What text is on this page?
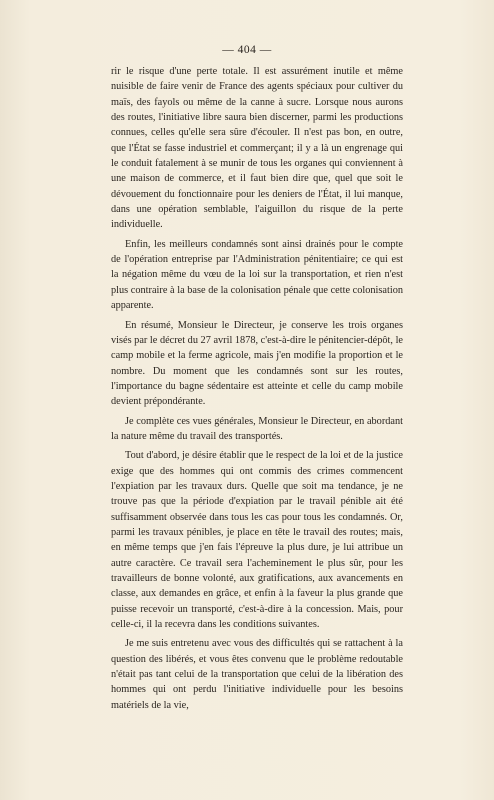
— 404 —

rir le risque d'une perte totale. Il est assurément inutile et même nuisible de faire venir de France des agents spéciaux pour cultiver du maïs, des fayols ou même de la canne à sucre. Lorsque nous aurons des routes, l'initiative libre saura bien discerner, parmi les productions connues, celles qu'elle sera sûre d'écouler. Il n'est pas bon, en outre, que l'État se fasse industriel et commerçant; il y a là un engrenage qui le conduit fatalement à se munir de tous les organes qui conviennent à une maison de commerce, et il faut bien dire que, quel que soit le dévouement du fonctionnaire pour les deniers de l'État, il lui manque, dans une opération semblable, l'aiguillon du risque de la perte individuelle.

Enfin, les meilleurs condamnés sont ainsi drainés pour le compte de l'opération entreprise par l'Administration pénitentiaire; ce qui est la négation même du vœu de la loi sur la transportation, et rien n'est plus contraire à la base de la colonisation pénale que cette colonisation apparente.

En résumé, Monsieur le Directeur, je conserve les trois organes visés par le décret du 27 avril 1878, c'est-à-dire le pénitencier-dépôt, le camp mobile et la ferme agricole, mais j'en modifie la proportion et le nombre. Du moment que les condamnés sont sur les routes, l'importance du bagne sédentaire est atteinte et celle du camp mobile devient prépondérante.

Je complète ces vues générales, Monsieur le Directeur, en abordant la nature même du travail des transportés.

Tout d'abord, je désire établir que le respect de la loi et de la justice exige que des hommes qui ont commis des crimes commencent l'expiation par les travaux durs. Quelle que soit ma tendance, je ne trouve pas que la période d'expiation par le travail pénible ait été suffisamment observée dans tous les cas pour tous les condamnés. Or, parmi les travaux pénibles, je place en tête le travail des routes; mais, en même temps que j'en fais l'épreuve la plus dure, je lui attribue un autre caractère. Ce travail sera l'acheminement le plus sûr, pour les travailleurs de bonne volonté, aux gratifications, aux avancements en classe, aux demandes en grâce, et enfin à la faveur la plus grande que puisse recevoir un transporté, c'est-à-dire à la concession. Mais, pour celle-ci, il la recevra dans les conditions suivantes.

Je me suis entretenu avec vous des difficultés qui se rattachent à la question des libérés, et vous êtes convenu que le problème redoutable n'était pas tant celui de la transportation que celui de la libération des hommes qui ont perdu l'initiative individuelle pour les besoins matériels de la vie,
